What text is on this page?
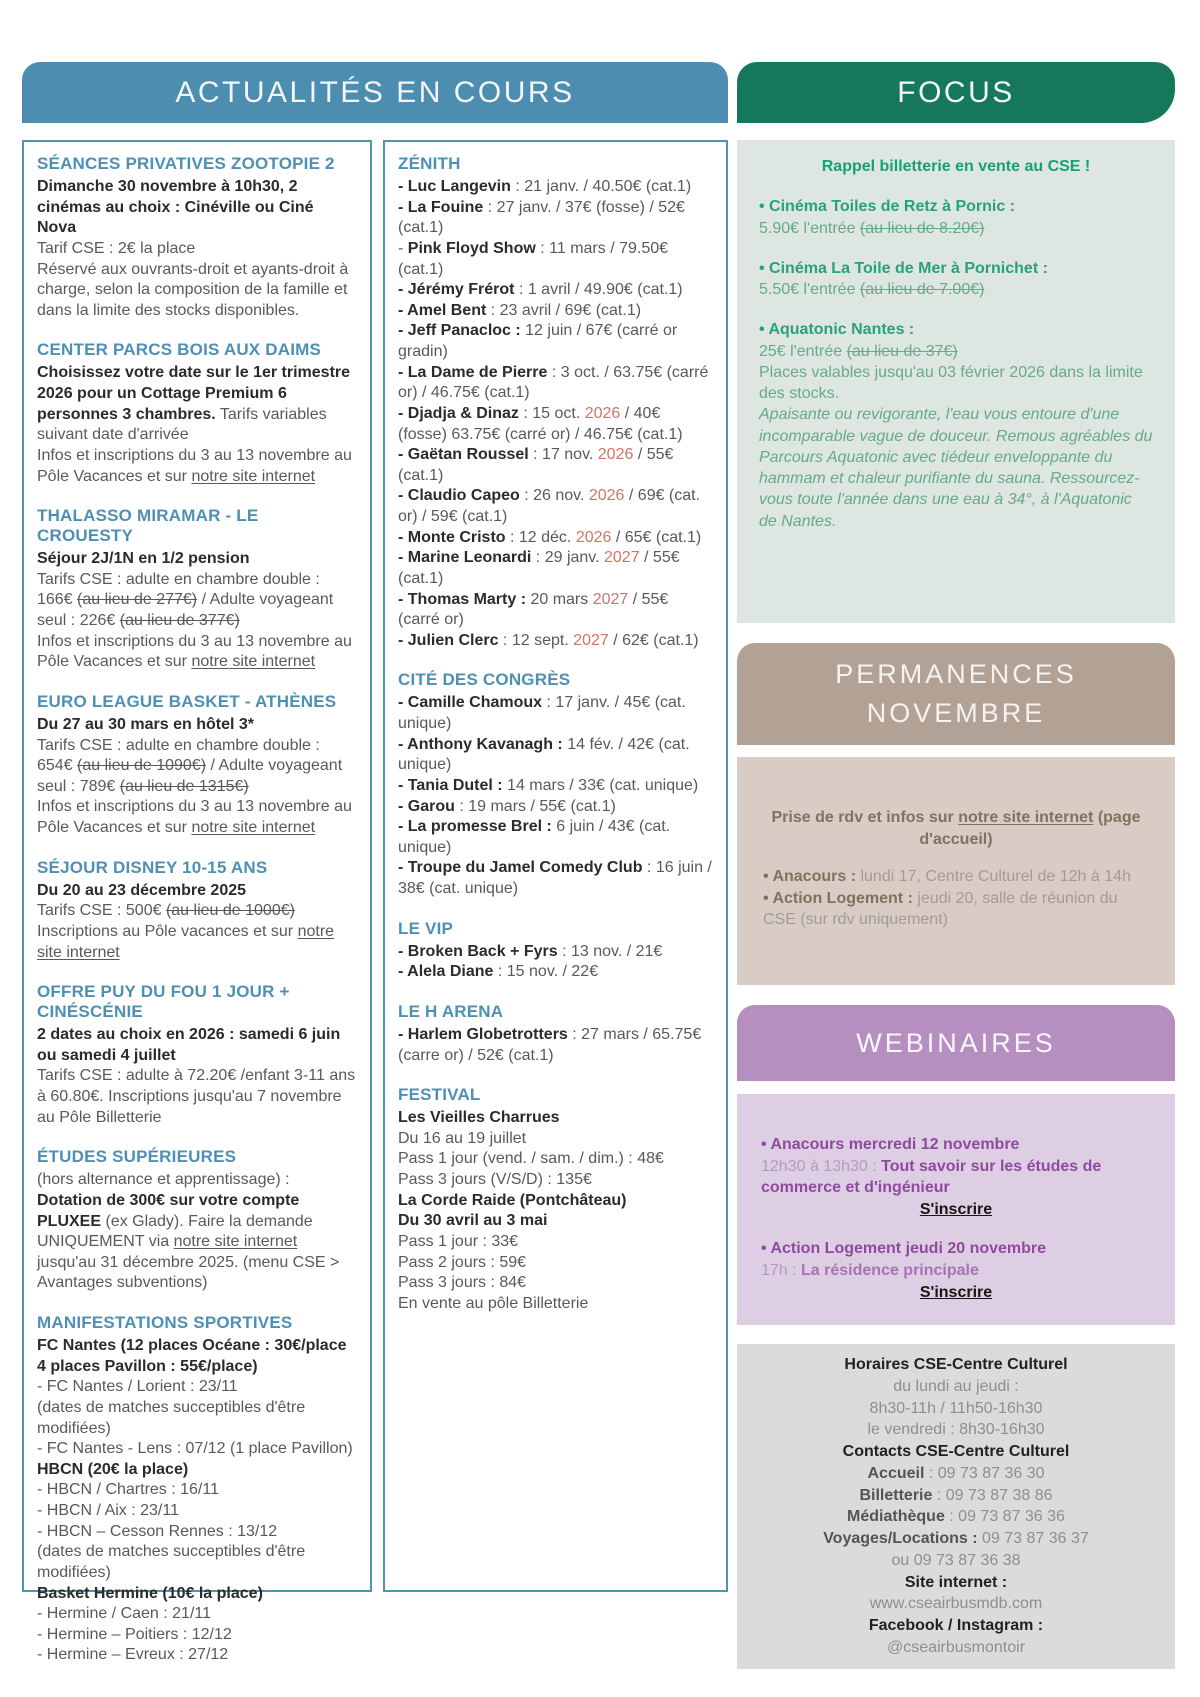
ACTUALITÉS EN COURS
SÉANCES PRIVATIVES ZOOTOPIE 2

Dimanche 30 novembre à 10h30, 2 cinémas au choix : Cinéville ou Ciné Nova

Tarif CSE : 2€ la place

Réservé aux ouvrants-droit et ayants-droit à charge, selon la composition de la famille et dans la limite des stocks disponibles.

CENTER PARCS BOIS AUX DAIMS

Choisissez votre date sur le 1er trimestre 2026 pour un Cottage Premium 6 personnes 3 chambres. Tarifs variables suivant date d'arrivée

Infos et inscriptions du 3 au 13 novembre au Pôle Vacances et sur notre site internet

THALASSO MIRAMAR - LE CROUESTY

Séjour 2J/1N en 1/2 pension

Tarifs CSE : adulte en chambre double : 166€ (au lieu de 277€) / Adulte voyageant seul : 226€ (au lieu de 377€)

Infos et inscriptions du 3 au 13 novembre au Pôle Vacances et sur notre site internet

EURO LEAGUE BASKET - ATHÈNES

Du 27 au 30 mars en hôtel 3*

Tarifs CSE : adulte en chambre double : 654€ (au lieu de 1090€) / Adulte voyageant seul : 789€ (au lieu de 1315€)

Infos et inscriptions du 3 au 13 novembre au Pôle Vacances et sur notre site internet

SÉJOUR DISNEY 10-15 ANS

Du 20 au 23 décembre 2025

Tarifs CSE : 500€ (au lieu de 1000€)

Inscriptions au Pôle vacances et sur notre site internet

OFFRE PUY DU FOU 1 JOUR + CINÉSCÉNIE

2 dates au choix en 2026 : samedi 6 juin ou samedi 4 juillet

Tarifs CSE : adulte à 72.20€ /enfant 3-11 ans à 60.80€. Inscriptions jusqu'au 7 novembre au Pôle Billetterie

ÉTUDES SUPÉRIEURES

(hors alternance et apprentissage) :

Dotation de 300€ sur votre compte PLUXEE (ex Glady). Faire la demande UNIQUEMENT via notre site internet jusqu'au 31 décembre 2025. (menu CSE > Avantages subventions)

MANIFESTATIONS SPORTIVES

FC Nantes (12 places Océane : 30€/place 4 places Pavillon : 55€/place)

- FC Nantes / Lorient : 23/11

(dates de matches succeptibles d'être modifiées)

- FC Nantes - Lens : 07/12 (1 place Pavillon)

HBCN (20€ la place)

- HBCN / Chartres : 16/11

- HBCN / Aix : 23/11

- HBCN – Cesson Rennes : 13/12

(dates de matches succeptibles d'être modifiées)

Basket Hermine (10€ la place)

- Hermine / Caen : 21/11

- Hermine – Poitiers : 12/12

- Hermine – Evreux : 27/12

ZÉNITH

- Luc Langevin : 21 janv. / 40.50€ (cat.1)

- La Fouine : 27 janv. / 37€ (fosse) / 52€ (cat.1)

- Pink Floyd Show : 11 mars / 79.50€ (cat.1)

- Jérémy Frérot : 1 avril / 49.90€ (cat.1)

- Amel Bent : 23 avril / 69€ (cat.1)

- Jeff Panacloc : 12 juin / 67€ (carré or gradin)

- La Dame de Pierre : 3 oct. / 63.75€ (carré or) / 46.75€ (cat.1)

- Djadja & Dinaz : 15 oct. 2026 / 40€ (fosse) 63.75€ (carré or) / 46.75€ (cat.1)

- Gaëtan Roussel : 17 nov. 2026 / 55€ (cat.1)

- Claudio Capeo : 26 nov. 2026 / 69€ (cat. or) / 59€ (cat.1)

- Monte Cristo : 12 déc. 2026 / 65€ (cat.1)

- Marine Leonardi : 29 janv. 2027 / 55€ (cat.1)

- Thomas Marty : 20 mars 2027 / 55€ (carré or)

- Julien Clerc : 12 sept. 2027 / 62€ (cat.1)

CITÉ DES CONGRÈS

- Camille Chamoux : 17 janv. / 45€ (cat. unique)

- Anthony Kavanagh : 14 fév. / 42€ (cat. unique)

- Tania Dutel : 14 mars / 33€ (cat. unique)

- Garou : 19 mars / 55€ (cat.1)

- La promesse Brel : 6 juin / 43€ (cat. unique)

- Troupe du Jamel Comedy Club : 16 juin / 38€ (cat. unique)

LE VIP

- Broken Back + Fyrs : 13 nov. / 21€

- Alela Diane : 15 nov. / 22€

LE H ARENA

- Harlem Globetrotters : 27 mars / 65.75€ (carre or) / 52€ (cat.1)

FESTIVAL

Les Vieilles Charrues

Du 16 au 19 juillet

Pass 1 jour (vend. / sam. / dim.) : 48€

Pass 3 jours (V/S/D) : 135€

La Corde Raide (Pontchâteau)

Du 30 avril au 3 mai

Pass 1 jour : 33€

Pass 2 jours : 59€

Pass 3 jours : 84€

En vente au pôle Billetterie

FOCUS

Rappel billetterie en vente au CSE !

• Cinéma Toiles de Retz à Pornic :

5.90€ l'entrée (au lieu de 8.20€)

• Cinéma La Toile de Mer à Pornichet :

5.50€ l'entrée (au lieu de 7.00€)

• Aquatonic Nantes :

25€ l'entrée (au lieu de 37€)

Places valables jusqu'au 03 février 2026 dans la limite des stocks.

Apaisante ou revigorante, l'eau vous entoure d'une incomparable vague de douceur. Remous agréables du Parcours Aquatonic avec tiédeur enveloppante du hammam et chaleur purifiante du sauna. Ressourcez-vous toute l'année dans une eau à 34°, à l'Aquatonic de Nantes.

PERMANENCES
NOVEMBRE

Prise de rdv et infos sur notre site internet (page d'accueil)

• Anacours : lundi 17, Centre Culturel de 12h à 14h

• Action Logement : jeudi 20, salle de réunion du CSE (sur rdv uniquement)

WEBINAIRES

• Anacours mercredi 12 novembre

12h30 à 13h30 : Tout savoir sur les études de commerce et d'ingénieur

S'inscrire

• Action Logement jeudi 20 novembre

17h : La résidence principale

S'inscrire

Horaires CSE-Centre Culturel

du lundi au jeudi :

8h30-11h / 11h50-16h30

le vendredi : 8h30-16h30

Contacts CSE-Centre Culturel

Accueil : 09 73 87 36 30

Billetterie : 09 73 87 38 86

Médiathèque : 09 73 87 36 36

Voyages/Locations : 09 73 87 36 37

ou 09 73 87 36 38

Site internet :

www.cseairbusmdb.com

Facebook / Instagram :

@cseairbusmontoir
